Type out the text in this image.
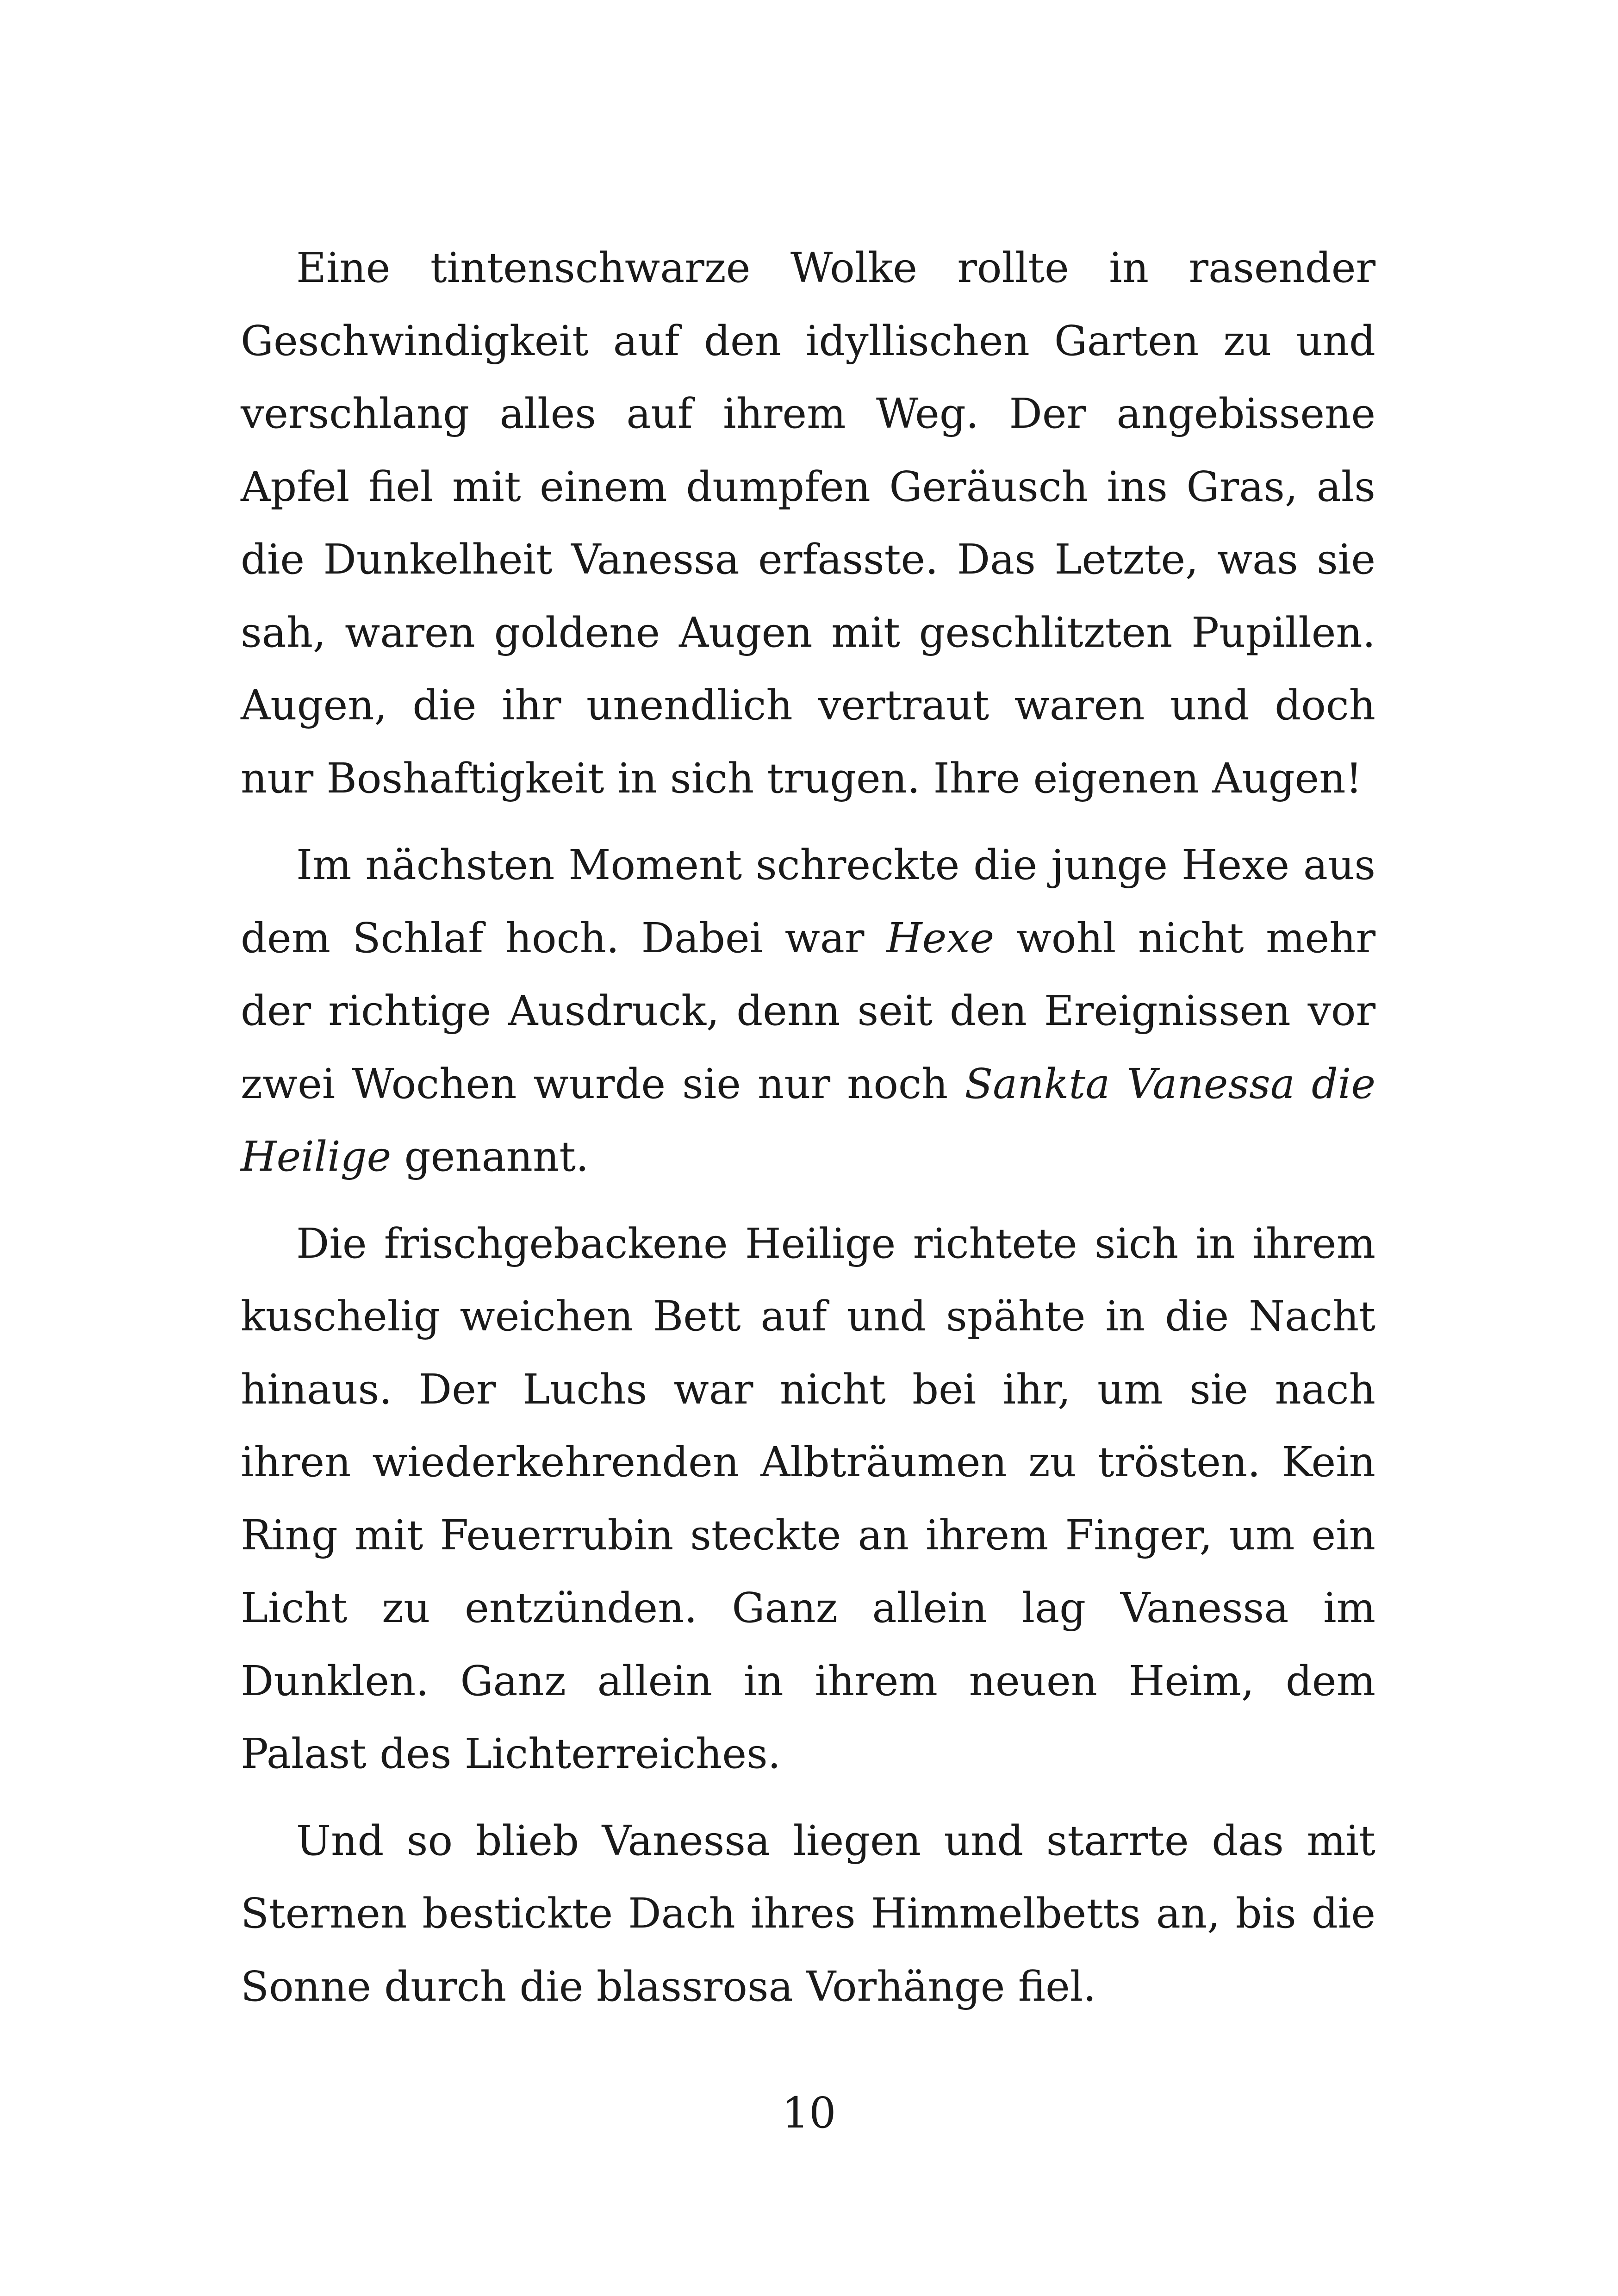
Eine tintenschwarze Wolke rollte in rasender Geschwindigkeit auf den idyllischen Garten zu und verschlang alles auf ihrem Weg. Der angebissene Apfel fiel mit einem dumpfen Geräusch ins Gras, als die Dunkelheit Vanessa erfasste. Das Letzte, was sie sah, waren goldene Augen mit geschlitzten Pupillen. Augen, die ihr unendlich vertraut waren und doch nur Boshaftigkeit in sich trugen. Ihre eigenen Augen!

Im nächsten Moment schreckte die junge Hexe aus dem Schlaf hoch. Dabei war Hexe wohl nicht mehr der richtige Ausdruck, denn seit den Ereignissen vor zwei Wochen wurde sie nur noch Sankta Vanessa die Heilige genannt.

Die frischgebackene Heilige richtete sich in ihrem kuschelig weichen Bett auf und spähte in die Nacht hinaus. Der Luchs war nicht bei ihr, um sie nach ihren wiederkehrenden Albträumen zu trösten. Kein Ring mit Feuerrubin steckte an ihrem Finger, um ein Licht zu entzünden. Ganz allein lag Vanessa im Dunklen. Ganz allein in ihrem neuen Heim, dem Palast des Lichterreiches.

Und so blieb Vanessa liegen und starrte das mit Sternen bestickte Dach ihres Himmelbetts an, bis die Sonne durch die blassrosa Vorhänge fiel.

10
